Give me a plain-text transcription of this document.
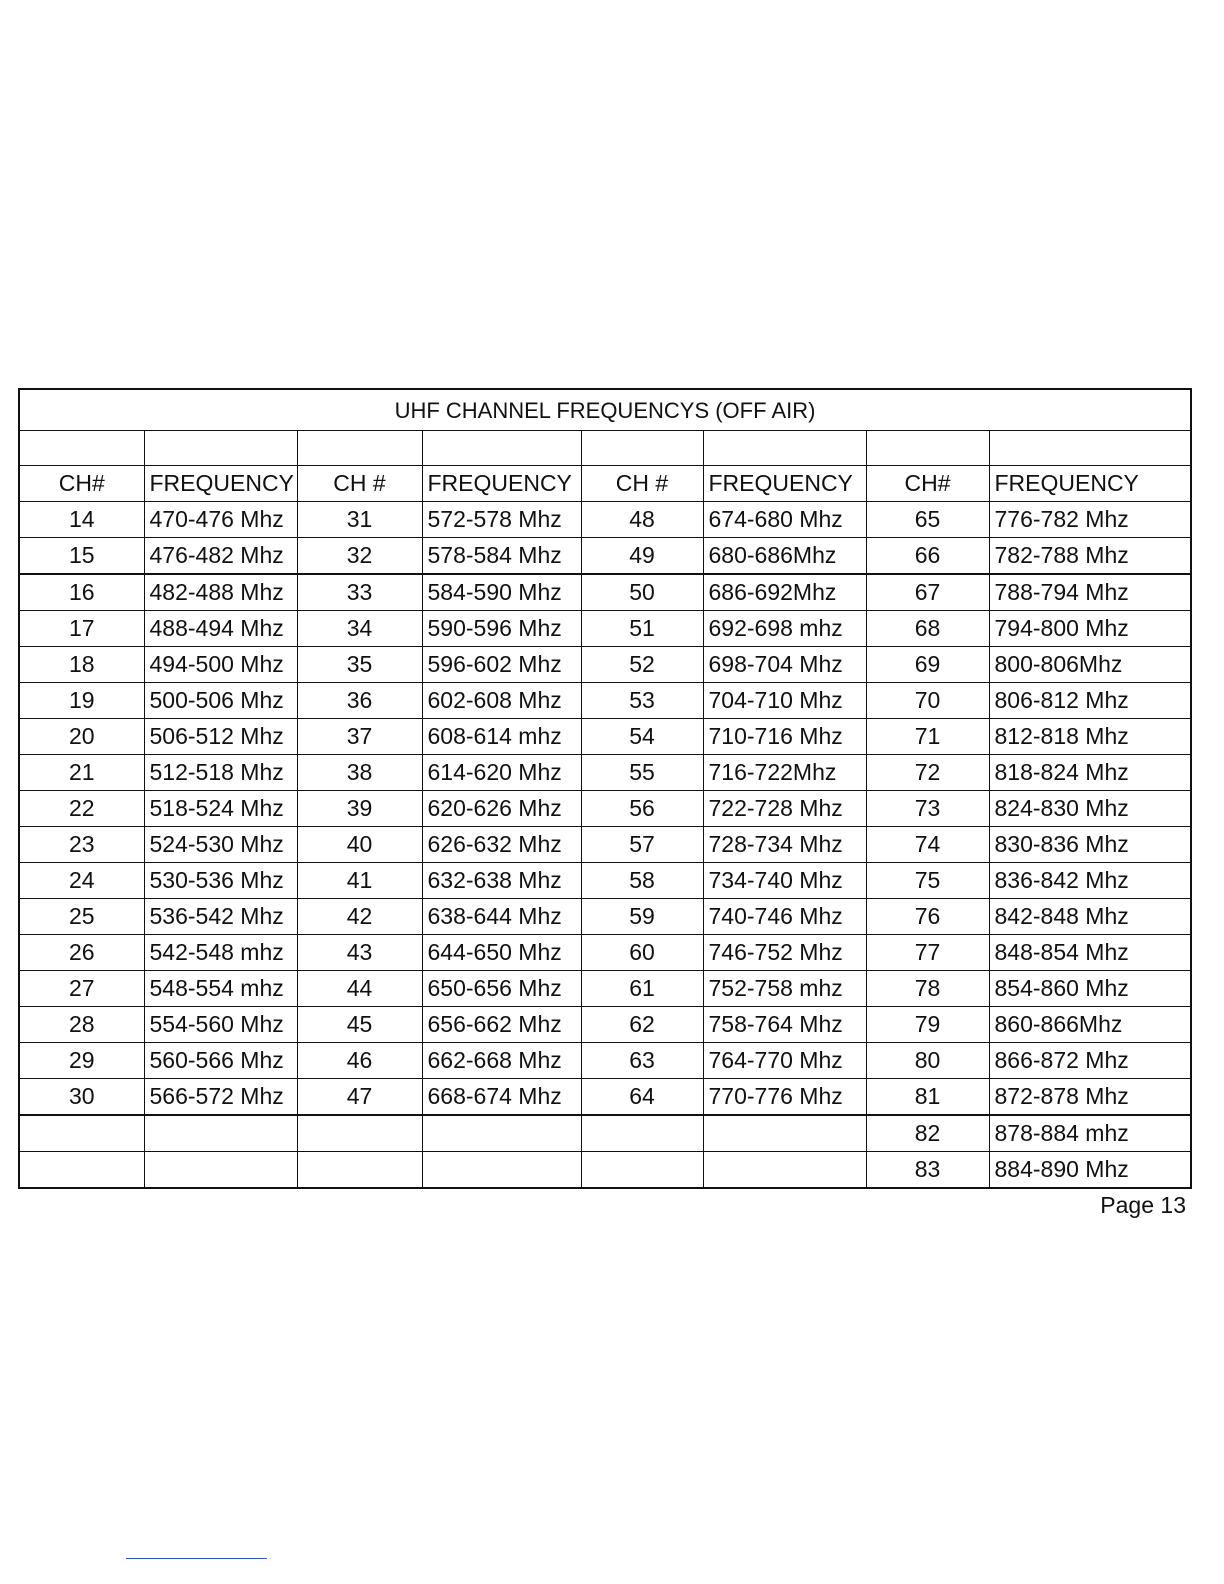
UHF CHANNEL FREQUENCYS (OFF AIR)							

CH#	FREQUENCY	CH #	FREQUENCY	CH #	FREQUENCY	CH#	FREQUENCY
14	470-476 Mhz	31	572-578 Mhz	48	674-680 Mhz	65	776-782 Mhz
15	476-482 Mhz	32	578-584 Mhz	49	680-686Mhz	66	782-788 Mhz
16	482-488 Mhz	33	584-590 Mhz	50	686-692Mhz	67	788-794 Mhz
17	488-494 Mhz	34	590-596 Mhz	51	692-698 mhz	68	794-800 Mhz
18	494-500 Mhz	35	596-602 Mhz	52	698-704 Mhz	69	800-806Mhz
19	500-506 Mhz	36	602-608 Mhz	53	704-710 Mhz	70	806-812 Mhz
20	506-512 Mhz	37	608-614 mhz	54	710-716 Mhz	71	812-818 Mhz
21	512-518 Mhz	38	614-620 Mhz	55	716-722Mhz	72	818-824 Mhz
22	518-524 Mhz	39	620-626 Mhz	56	722-728 Mhz	73	824-830 Mhz
23	524-530 Mhz	40	626-632 Mhz	57	728-734 Mhz	74	830-836 Mhz
24	530-536 Mhz	41	632-638 Mhz	58	734-740 Mhz	75	836-842 Mhz
25	536-542 Mhz	42	638-644 Mhz	59	740-746 Mhz	76	842-848 Mhz
26	542-548 mhz	43	644-650 Mhz	60	746-752 Mhz	77	848-854 Mhz
27	548-554 mhz	44	650-656 Mhz	61	752-758 mhz	78	854-860 Mhz
28	554-560 Mhz	45	656-662 Mhz	62	758-764 Mhz	79	860-866Mhz
29	560-566 Mhz	46	662-668 Mhz	63	764-770 Mhz	80	866-872 Mhz
30	566-572 Mhz	47	668-674 Mhz	64	770-776 Mhz	81	872-878 Mhz
						82	878-884 mhz
						83	884-890 Mhz
Page 13
